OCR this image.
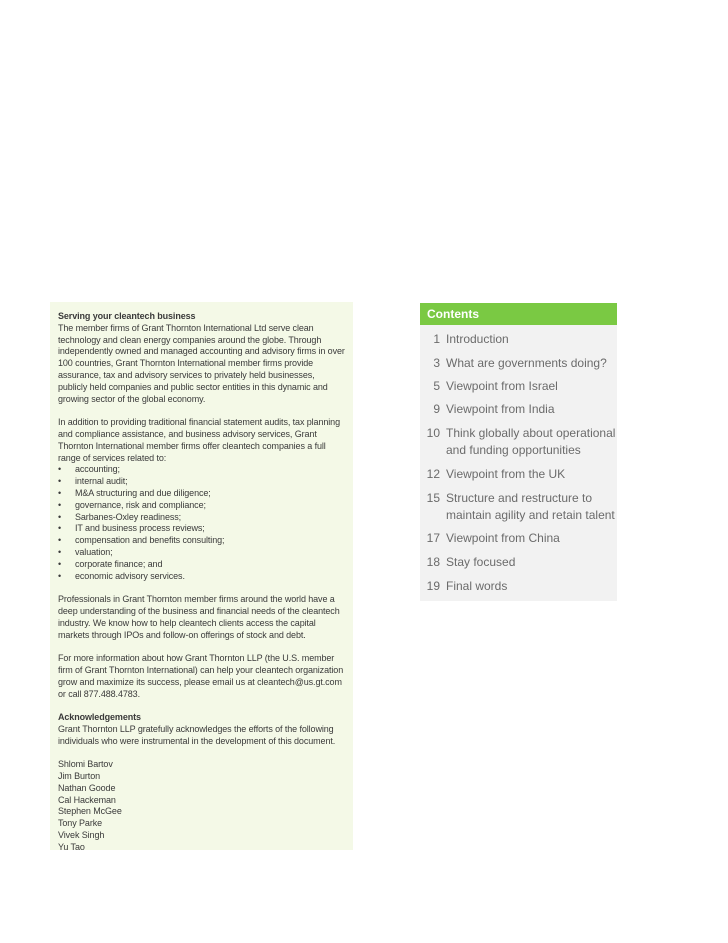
Serving your cleantech business

The member firms of Grant Thornton International Ltd serve clean technology and clean energy companies around the globe. Through independently owned and managed accounting and advisory firms in over 100 countries, Grant Thornton International member firms provide assurance, tax and advisory services to privately held businesses, publicly held companies and public sector entities in this dynamic and growing sector of the global economy.

In addition to providing traditional financial statement audits, tax planning and compliance assistance, and business advisory services, Grant Thornton International member firms offer cleantech companies a full range of services related to:

• accounting;
• internal audit;
• M&A structuring and due diligence;
• governance, risk and compliance;
• Sarbanes-Oxley readiness;
• IT and business process reviews;
• compensation and benefits consulting;
• valuation;
• corporate finance; and
• economic advisory services.

Professionals in Grant Thornton member firms around the world have a deep understanding of the business and financial needs of the cleantech industry. We know how to help cleantech clients access the capital markets through IPOs and follow-on offerings of stock and debt.

For more information about how Grant Thornton LLP (the U.S. member firm of Grant Thornton International) can help your cleantech organization grow and maximize its success, please email us at cleantech@us.gt.com or call 877.488.4783.

Acknowledgements

Grant Thornton LLP gratefully acknowledges the efforts of the following individuals who were instrumental in the development of this document.

Shlomi Bartov

Jim Burton

Nathan Goode

Cal Hackeman

Stephen McGee

Tony Parke

Vivek Singh

Yu Tao

Contents
1 Introduction
3 What are governments doing?
5 Viewpoint from Israel
9 Viewpoint from India
10 Think globally about operational and funding opportunities
12 Viewpoint from the UK
15 Structure and restructure to maintain agility and retain talent
17 Viewpoint from China
18 Stay focused
19 Final words
